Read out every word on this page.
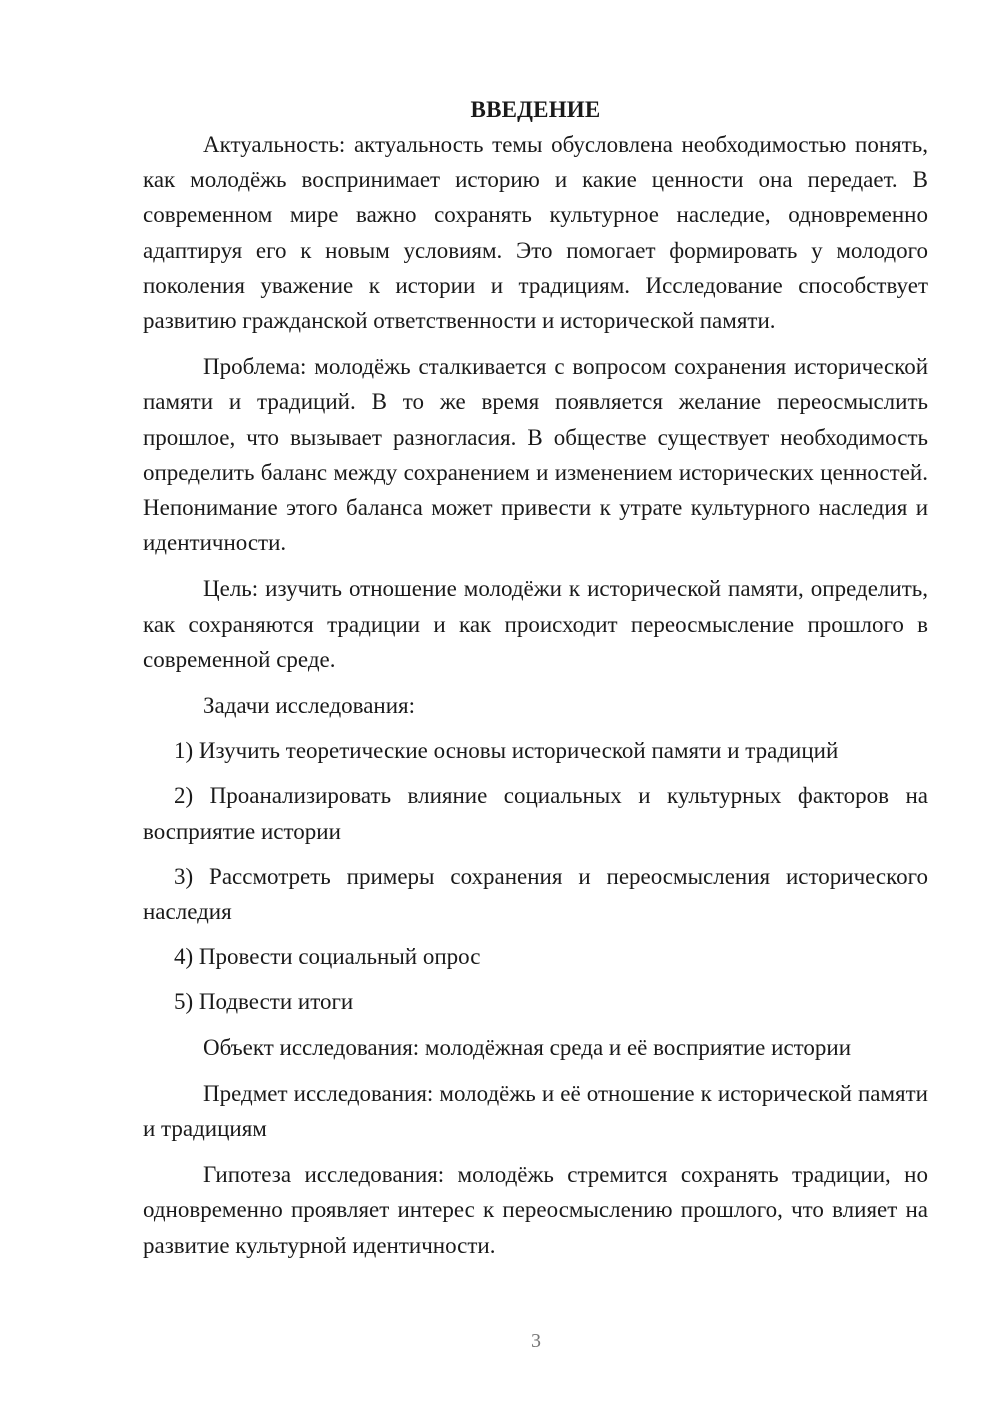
ВВЕДЕНИЕ

Актуальность: актуальность темы обусловлена необходимостью понять, как молодёжь воспринимает историю и какие ценности она передает. В современном мире важно сохранять культурное наследие, одновременно адаптируя его к новым условиям. Это помогает формировать у молодого поколения уважение к истории и традициям. Исследование способствует развитию гражданской ответственности и исторической памяти.

Проблема: молодёжь сталкивается с вопросом сохранения исторической памяти и традиций. В то же время появляется желание переосмыслить прошлое, что вызывает разногласия. В обществе существует необходимость определить баланс между сохранением и изменением исторических ценностей. Непонимание этого баланса может привести к утрате культурного наследия и идентичности.

Цель: изучить отношение молодёжи к исторической памяти, определить, как сохраняются традиции и как происходит переосмысление прошлого в современной среде.

Задачи исследования:

1) Изучить теоретические основы исторической памяти и традиций

2) Проанализировать влияние социальных и культурных факторов на восприятие истории

3) Рассмотреть примеры сохранения и переосмысления исторического наследия

4) Провести социальный опрос

5) Подвести итоги

Объект исследования: молодёжная среда и её восприятие истории

Предмет исследования: молодёжь и её отношение к исторической памяти и традициям

Гипотеза исследования: молодёжь стремится сохранять традиции, но одновременно проявляет интерес к переосмыслению прошлого, что влияет на развитие культурной идентичности.

3
